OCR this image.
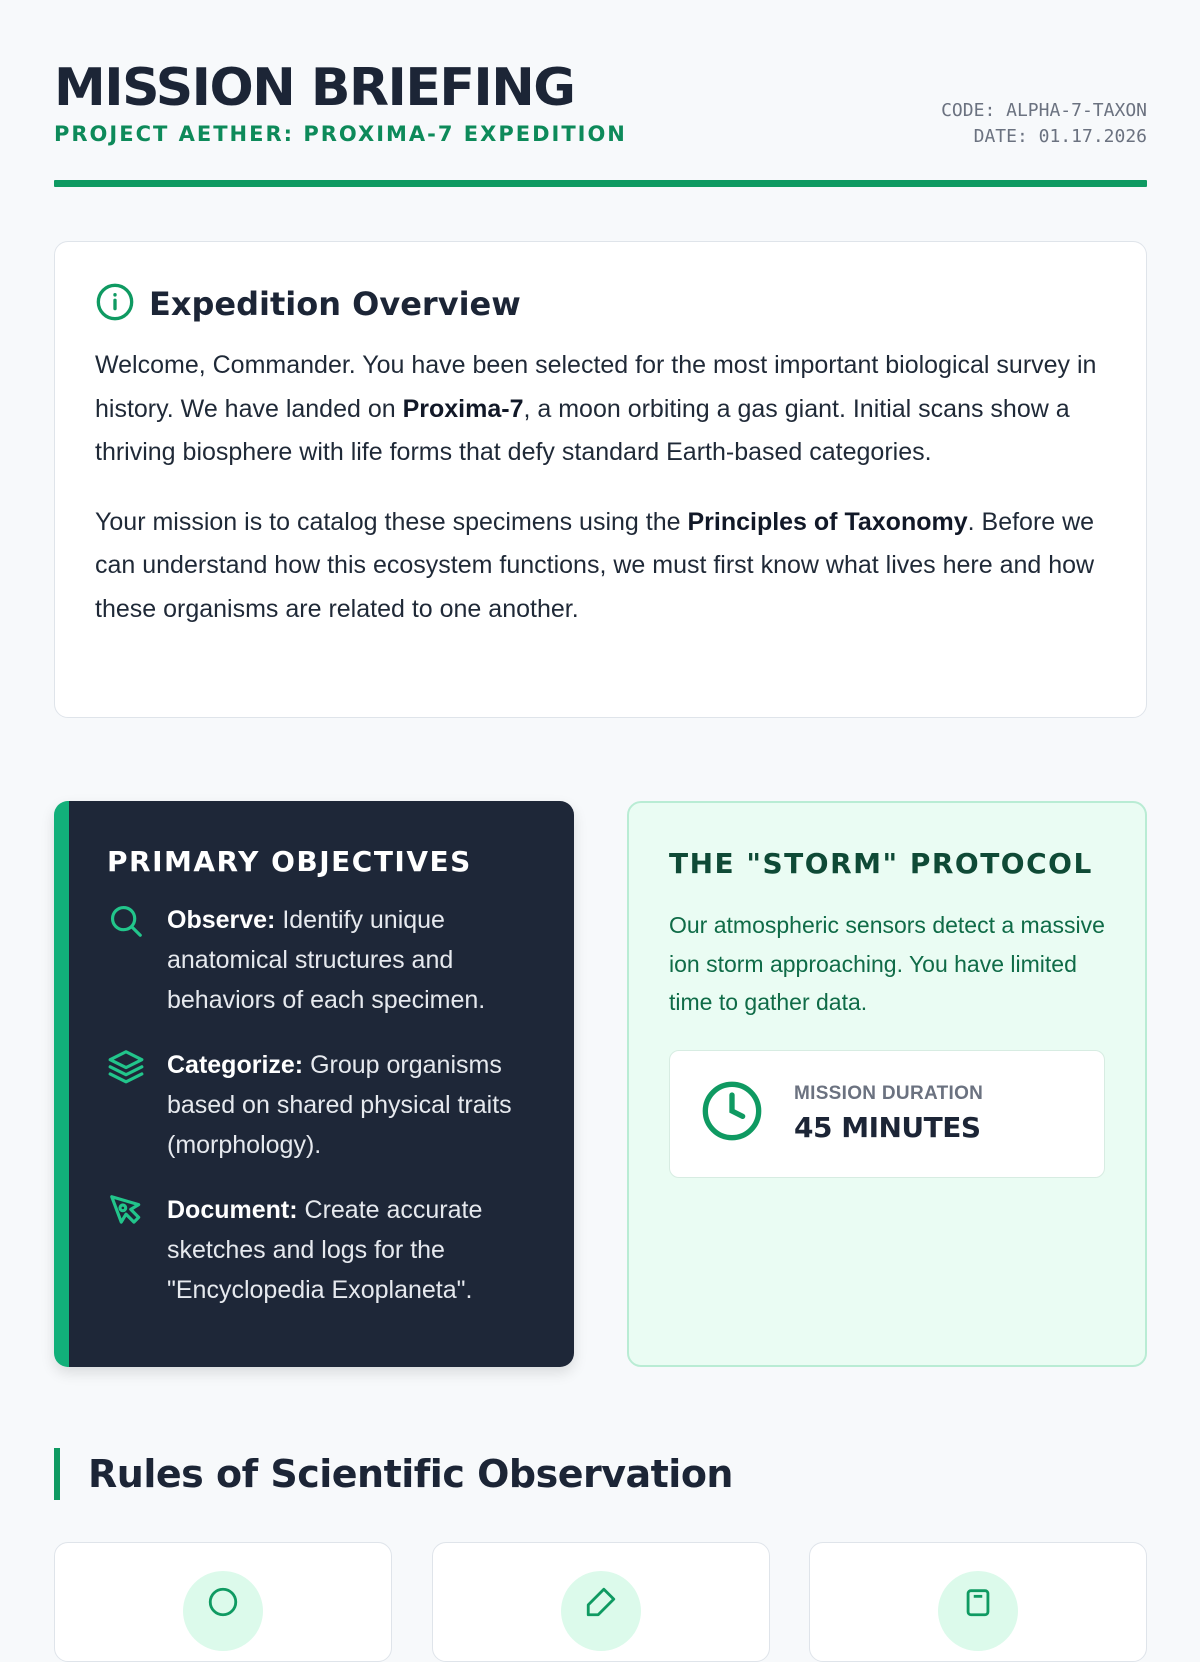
MISSION BRIEFING
PROJECT AETHER: PROXIMA-7 EXPEDITION
CODE: ALPHA-7-TAXON
DATE: 01.17.2026
Expedition Overview

Welcome, Commander. You have been selected for the most important biological survey in history. We have landed on Proxima-7, a moon orbiting a gas giant. Initial scans show a thriving biosphere with life forms that defy standard Earth-based categories.

Your mission is to catalog these specimens using the Principles of Taxonomy. Before we can understand how this ecosystem functions, we must first know what lives here and how these organisms are related to one another.

PRIMARY OBJECTIVES
Observe: Identify unique anatomical structures and behaviors of each specimen.
Categorize: Group organisms based on shared physical traits (morphology).
Document: Create accurate sketches and logs for the "Encyclopedia Exoplaneta".
THE "STORM" PROTOCOL

Our atmospheric sensors detect a massive ion storm approaching. You have limited time to gather data.

MISSION DURATION
45 MINUTES
Rules of Scientific Observation
